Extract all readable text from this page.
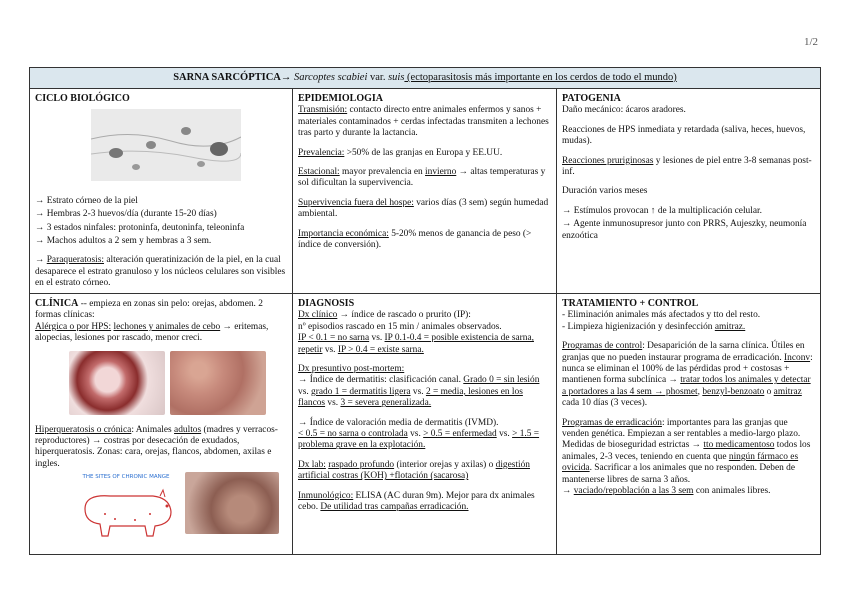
1/2
SARNA SARCÓPTICA→ Sarcoptes scabiei var. suis (ectoparasitosis más importante en los cerdos de todo el mundo)
CICLO BIOLÓGICO
→ Estrato córneo de la piel
→ Hembras 2-3 huevos/día (durante 15-20 días)
→ 3 estados ninfales: protoninfa, deutoninfa, teleoninfa

→ Machos adultos a 2 sem y hembras a 3 sem.

→ Paraqueratosis: alteración queratinización de la piel, en la cual desaparece el estrato granuloso y los núcleos celulares son visibles en el estrato córneo.

EPIDEMIOLOGIA

Transmisión: contacto directo entre animales enfermos y sanos + materiales contaminados + cerdas infectadas transmiten a lechones tras parto y durante la lactancia.

Prevalencia: >50% de las granjas en Europa y EE.UU.

Estacional: mayor prevalencia en invierno → altas temperaturas y sol dificultan la supervivencia.

Supervivencia fuera del hospe: varios días (3 sem) según humedad ambiental.

Importancia económica: 5-20% menos de ganancia de peso (> índice de conversión).

PATOGENIA

Daño mecánico: ácaros aradores.

Reacciones de HPS inmediata y retardada (saliva, heces, huevos, mudas).

Reacciones pruriginosas y lesiones de piel entre 3-8 semanas post-inf.

Duración varios meses

→ Estímulos provocan ↑ de la multiplicación celular.
→ Agente inmunosupresor junto con PRRS, Aujeszky, neumonía enzoótica
CLÍNICA -- empieza en zonas sin pelo: orejas, abdomen. 2 formas clínicas:
Alérgica o por HPS: lechones y animales de cebo → eritemas, alopecias, lesiones por rascado, menor creci.
Hiperqueratosis o crónica: Animales adultos (madres y verracos-reproductores) → costras por desecación de exudados, hiperqueratosis. Zonas: cara, orejas, flancos, abdomen, axilas e ingles.
THE SITES OF CHRONIC MANGE
DIAGNOSIS
Dx clínico → índice de rascado o prurito (IP):
nº episodios rascado en 15 min / animales observados.

IP < 0.1 = no sarna vs. IP 0.1-0.4 = posible existencia de sarna, repetir vs. IP > 0.4 = existe sarna.

Dx presuntivo post-mortem:

→ Índice de dermatitis: clasificación canal. Grado 0 = sin lesión vs. grado 1 = dermatitis ligera vs. 2 = media, lesiones en los flancos vs. 3 = severa generalizada.

→ Índice de valoración media de dermatitis (IVMD).

< 0.5 = no sarna o controlada vs. > 0.5 = enfermedad vs. > 1.5 = problema grave en la explotación.

Dx lab: raspado profundo (interior orejas y axilas) o digestión artificial costras (KOH) +flotación (sacarosa)

Inmunológico: ELISA (AC duran 9m). Mejor para dx animales cebo. De utilidad tras campañas erradicación.

TRATAMIENTO + CONTROL
- Eliminación animales más afectados y tto del resto.

- Limpieza higienización y desinfección amitraz.

Programas de control: Desaparición de la sarna clínica. Útiles en granjas que no pueden instaurar programa de erradicación. Inconv: nunca se eliminan el 100% de las pérdidas prod + costosas + mantienen forma subclínica → tratar todos los animales y detectar a portadores a las 4 sem → phosmet, benzyl-benzoato o amitraz cada 10 días (3 veces).

Programas de erradicación: importantes para las granjas que venden genética. Empiezan a ser rentables a medio-largo plazo. Medidas de bioseguridad estrictas → tto medicamentoso todos los animales, 2-3 veces, teniendo en cuenta que ningún fármaco es ovicida. Sacrificar a los animales que no responden. Deben de mantenerse libres de sarna 3 años.
→ vaciado/repoblación a las 3 sem con animales libres.
